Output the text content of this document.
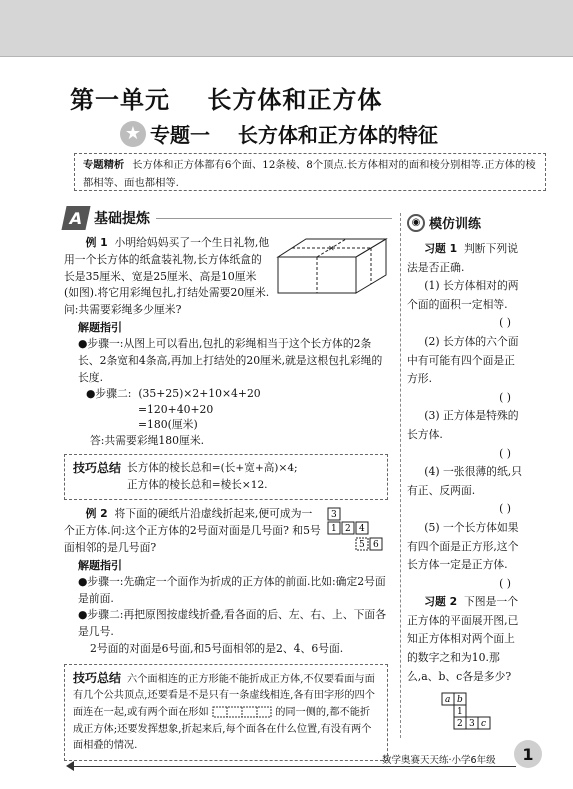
第一单元    长方体和正方体
★ 专题一    长方体和正方体的特征
专题精析 长方体和正方体都有6个面、12条棱、8个顶点.长方体相对的面和棱分别相等.正方体的棱都相等、面也都相等.
A 基础提炼
✕

例 1 小明给妈妈买了一个生日礼物,他用一个长方体的纸盒装礼物,长方体纸盒的长是35厘米、宽是25厘米、高是10厘米(如图).将它用彩绳包扎,打结处需要20厘米.问:共需要彩绳多少厘米?

解题指引

●步骤一:从图上可以看出,包扎的彩绳相当于这个长方体的2条长、2条宽和4条高,再加上打结处的20厘米,就是这根包扎彩绳的长度.

●步骤二: (35+25)×2+10×4+20
=120+40+20
=180(厘米)
答:共需要彩绳180厘米.
技巧总结 长方体的棱长总和=(长+宽+高)×4;
正方体的棱长总和=棱长×12.
3
1 2 4
5 6

例 2 将下面的硬纸片沿虚线折起来,便可成为一个正方体.问:这个正方体的2号面对面是几号面? 和5号面相邻的是几号面?

解题指引

●步骤一:先确定一个面作为折成的正方体的前面.比如:确定2号面是前面.

●步骤二:再把原图按虚线折叠,看各面的后、左、右、上、下面各是几号.

2号面的对面是6号面,和5号面相邻的是2、4、6号面.

技巧总结 六个面相连的正方形能不能折成正方体,不仅要看面与面有几个公共顶点,还要看是不是只有一条虚线相连,各有田字形的四个面连在一起,或有两个面在形如	的同一侧的,都不能折成正方体;还要发挥想象,折起来后,每个面各在什么位置,有没有两个面相叠的情况.
◉ 模仿训练

习题 1 判断下列说法是否正确.

(1) 长方体相对的两个面的面积一定相等.

( )

(2) 长方体的六个面中有可能有四个面是正方形.

( )

(3) 正方体是特殊的长方体.

( )

(4) 一张很薄的纸,只有正、反两面.

( )

(5) 一个长方体如果有四个面是正方形,这个长方体一定是正方体.

( )

习题 2 下图是一个正方体的平面展开图,已知正方体相对两个面上的数字之和为10.那么,a、b、c各是多少?

a b
1
2 3 c
数学奥赛天天练·小学6年级	1
